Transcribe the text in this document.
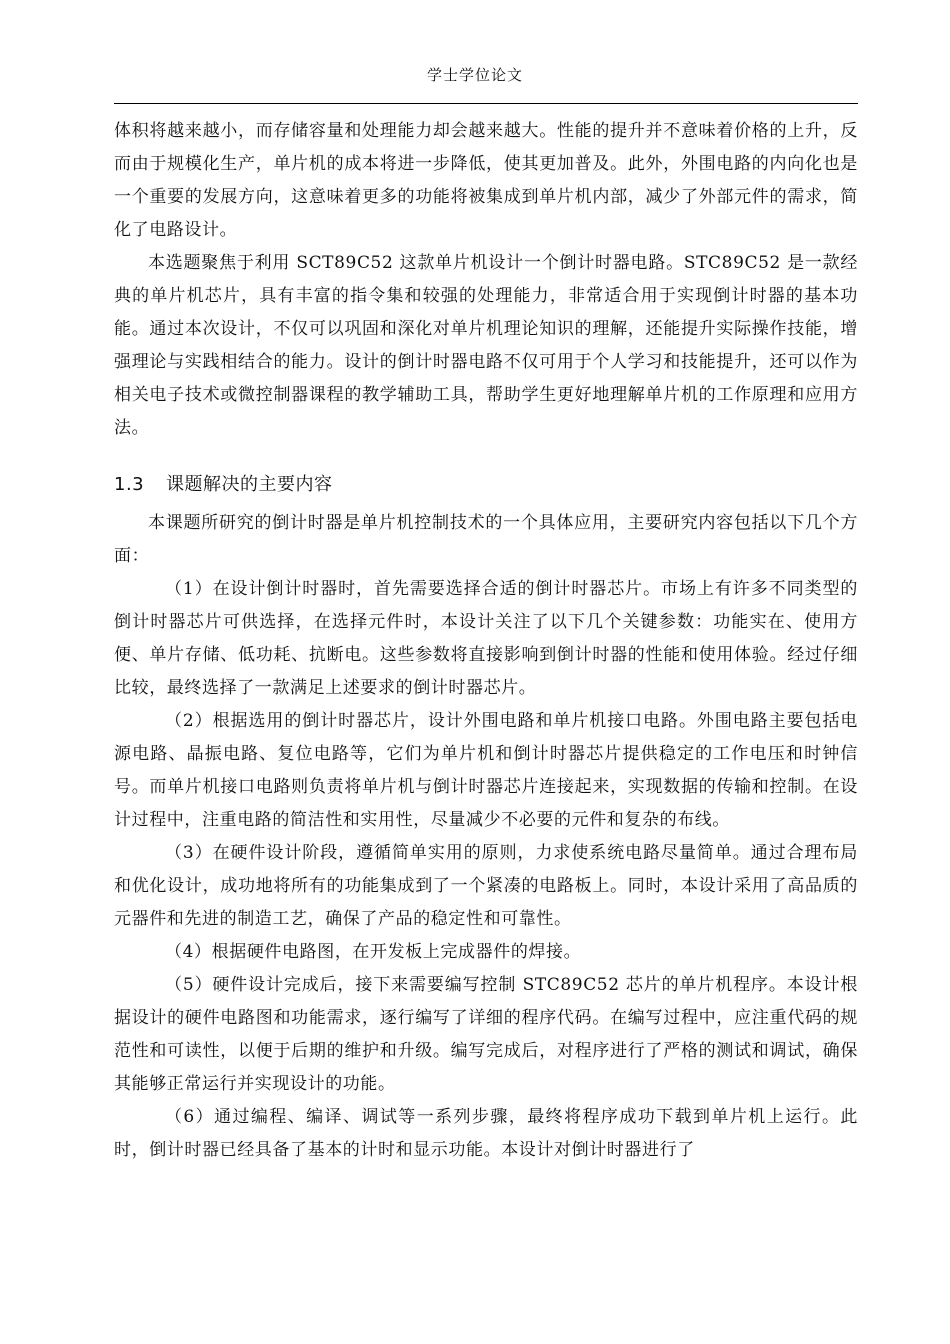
学士学位论文

体积将越来越小，而存储容量和处理能力却会越来越大。性能的提升并不意味着价格的上升，反而由于规模化生产，单片机的成本将进一步降低，使其更加普及。此外，外围电路的内向化也是一个重要的发展方向，这意味着更多的功能将被集成到单片机内部，减少了外部元件的需求，简化了电路设计。

本选题聚焦于利用 SCT89C52 这款单片机设计一个倒计时器电路。STC89C52 是一款经典的单片机芯片，具有丰富的指令集和较强的处理能力，非常适合用于实现倒计时器的基本功能。通过本次设计，不仅可以巩固和深化对单片机理论知识的理解，还能提升实际操作技能，增强理论与实践相结合的能力。设计的倒计时器电路不仅可用于个人学习和技能提升，还可以作为相关电子技术或微控制器课程的教学辅助工具，帮助学生更好地理解单片机的工作原理和应用方法。

1.3 课题解决的主要内容

本课题所研究的倒计时器是单片机控制技术的一个具体应用，主要研究内容包括以下几个方面：

（1）在设计倒计时器时，首先需要选择合适的倒计时器芯片。市场上有许多不同类型的倒计时器芯片可供选择，在选择元件时，本设计关注了以下几个关键参数：功能实在、使用方便、单片存储、低功耗、抗断电。这些参数将直接影响到倒计时器的性能和使用体验。经过仔细比较，最终选择了一款满足上述要求的倒计时器芯片。

（2）根据选用的倒计时器芯片，设计外围电路和单片机接口电路。外围电路主要包括电源电路、晶振电路、复位电路等，它们为单片机和倒计时器芯片提供稳定的工作电压和时钟信号。而单片机接口电路则负责将单片机与倒计时器芯片连接起来，实现数据的传输和控制。在设计过程中，注重电路的简洁性和实用性，尽量减少不必要的元件和复杂的布线。

（3）在硬件设计阶段，遵循简单实用的原则，力求使系统电路尽量简单。通过合理布局和优化设计，成功地将所有的功能集成到了一个紧凑的电路板上。同时，本设计采用了高品质的元器件和先进的制造工艺，确保了产品的稳定性和可靠性。

（4）根据硬件电路图，在开发板上完成器件的焊接。

（5）硬件设计完成后，接下来需要编写控制 STC89C52 芯片的单片机程序。本设计根据设计的硬件电路图和功能需求，逐行编写了详细的程序代码。在编写过程中，应注重代码的规范性和可读性，以便于后期的维护和升级。编写完成后，对程序进行了严格的测试和调试，确保其能够正常运行并实现设计的功能。

（6）通过编程、编译、调试等一系列步骤，最终将程序成功下载到单片机上运行。此时，倒计时器已经具备了基本的计时和显示功能。本设计对倒计时器进行了
